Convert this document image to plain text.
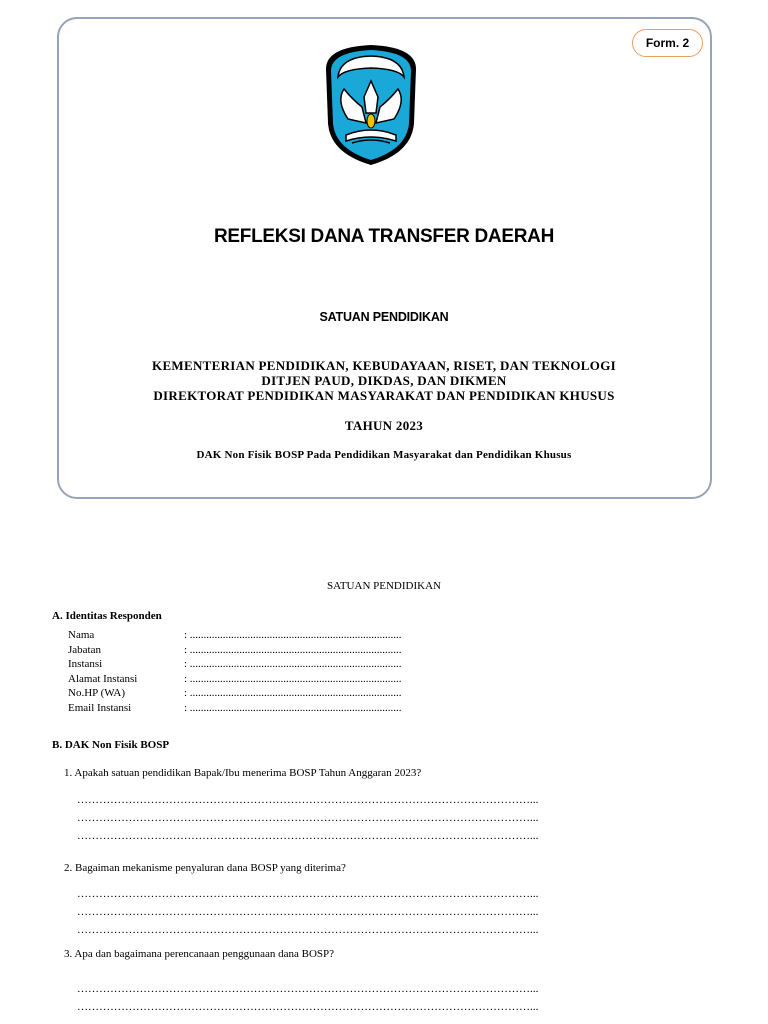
Form. 2
REFLEKSI DANA TRANSFER DAERAH
SATUAN PENDIDIKAN
KEMENTERIAN PENDIDIKAN, KEBUDAYAAN, RISET, DAN TEKNOLOGI
DITJEN PAUD, DIKDAS, DAN DIKMEN
DIREKTORAT PENDIDIKAN MASYARAKAT DAN PENDIDIKAN KHUSUS
TAHUN 2023
DAK Non Fisik BOSP Pada Pendidikan Masyarakat dan Pendidikan Khusus
SATUAN PENDIDIKAN
A. Identitas Responden
Nama	: .............................................................................
Jabatan	: .............................................................................
Instansi	: .............................................................................
Alamat Instansi	: .............................................................................
No.HP (WA)	: .............................................................................
Email Instansi	: .............................................................................
B. DAK Non Fisik BOSP
1. Apakah satuan pendidikan Bapak/Ibu menerima BOSP Tahun Anggaran 2023?
……………………………………………………………………………………………………………...
……………………………………………………………………………………………………………...
……………………………………………………………………………………………………………...
2. Bagaiman mekanisme penyaluran dana BOSP yang diterima?
……………………………………………………………………………………………………………...
……………………………………………………………………………………………………………...
……………………………………………………………………………………………………………...
3. Apa dan bagaimana perencanaan penggunaan dana BOSP?
……………………………………………………………………………………………………………...
……………………………………………………………………………………………………………...
